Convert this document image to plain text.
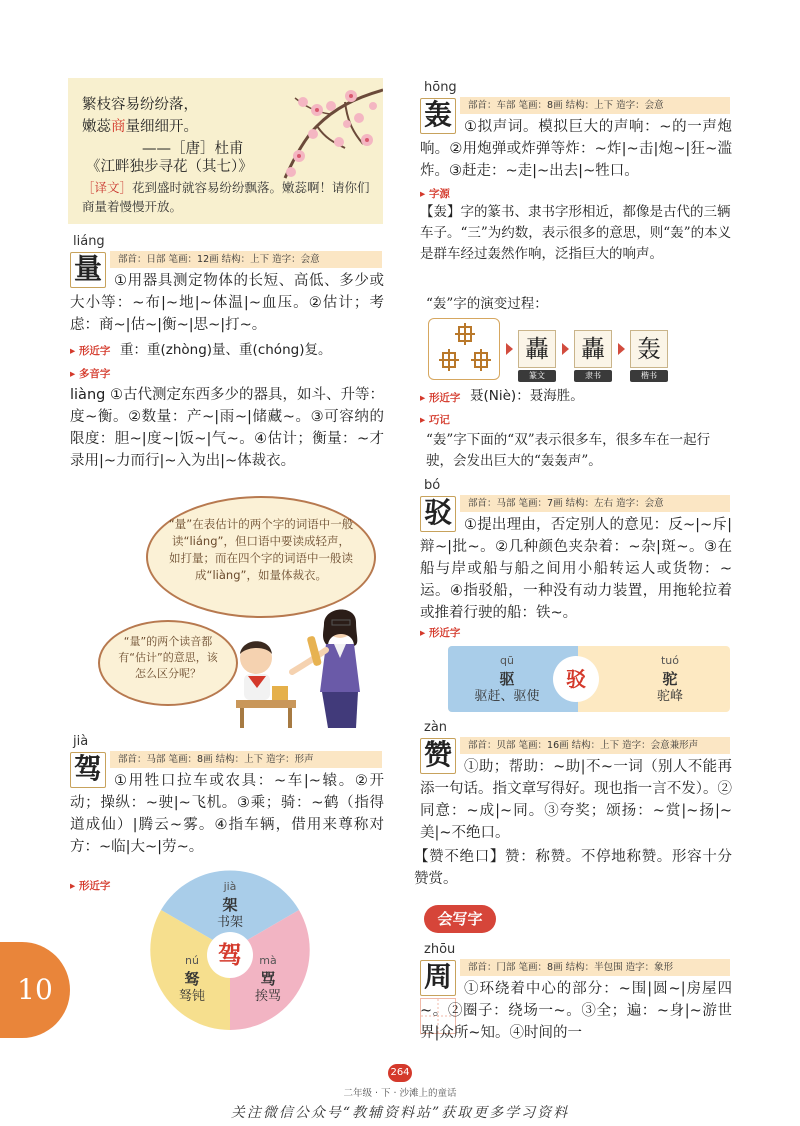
繁枝容易纷纷落，
嫩蕊商量细细开。
——［唐］杜甫
《江畔独步寻花（其七）》
［译文］花到盛时就容易纷纷飘落。嫩蕊啊！请你们商量着慢慢开放。
liáng
量	部首：日部 笔画：12画 结构：上下 造字：会意
①用器具测定物体的长短、高低、多少或大小等：~布|~地|~体温|~血压。②估计；考虑：商~|估~|衡~|思~|打~。
▸ 形近字 重：重(zhòng)量、重(chóng)复。
▸ 多音字
liàng ①古代测定东西多少的器具，如斗、升等：度~衡。②数量：产~|雨~|储藏~。③可容纳的限度：胆~|度~|饭~|气~。④估计；衡量：~才录用|~力而行|~入为出|~体裁衣。
“量”在表估计的两个字的词语中一般读“liáng”，但口语中要读成轻声，如打量；而在四个字的词语中一般读成“liàng”，如量体裁衣。
“量”的两个读音都有“估计”的意思，该怎么区分呢？
jià
驾	部首：马部 笔画：8画 结构：上下 造字：形声
①用牲口拉车或农具：~车|~辕。②开动；操纵：~驶|~飞机。③乘；骑：~鹤（指得道成仙）|腾云~雾。④指车辆，借用来尊称对方：~临|大~|劳~。
▸ 形近字	jià
架
书架
mà
骂
挨骂
nú
驽
驽钝
驾
10
hōng
轰	部首：车部 笔画：8画 结构：上下 造字：会意
①拟声词。模拟巨大的声响：~的一声炮响。②用炮弹或炸弹等炸：~炸|~击|炮~|狂~滥炸。③赶走：~走|~出去|~牲口。
▸ 字源
【轰】字的篆书、隶书字形相近，都像是古代的三辆车子。“三”为约数，表示很多的意思，则“轰”的本义是群车经过轰然作响，泛指巨大的响声。
“轰”字的演变过程：
轟
篆文
轟
隶书
轰
楷书
▸ 形近字 聂(Niè)：聂海胜。
▸ 巧记
“轰”字下面的“双”表示很多车，很多车在一起行驶，会发出巨大的“轰轰声”。
bó
驳	部首：马部 笔画：7画 结构：左右 造字：会意
①提出理由，否定别人的意见：反~|~斥|辩~|批~。②几种颜色夹杂着：~杂|斑~。③在船与岸或船与船之间用小船转运人或货物：~运。④指驳船，一种没有动力装置，用拖轮拉着或推着行驶的船：铁~。
▸ 形近字
qū
驱
驱赶、驱使
驳
tuó
驼
驼峰
zàn
赞	部首：贝部 笔画：16画 结构：上下 造字：会意兼形声
①助；帮助：~助|不~一词（别人不能再添一句话。指文章写得好。现也指一言不发）。②同意：~成|~同。③夸奖；颂扬：~赏|~扬|~美|~不绝口。
【赞不绝口】赞：称赞。不停地称赞。形容十分赞赏。
会写字
zhōu
周	部首：冂部 笔画：8画 结构：半包围 造字：象形
①环绕着中心的部分：~围|圆~|房屋四~。②圈子：绕场一~。③全；遍：~身|~游世界|众所~知。④时间的一
264
二年级 · 下 · 沙滩上的童话
关注微信公众号“教辅资料站”获取更多学习资料
